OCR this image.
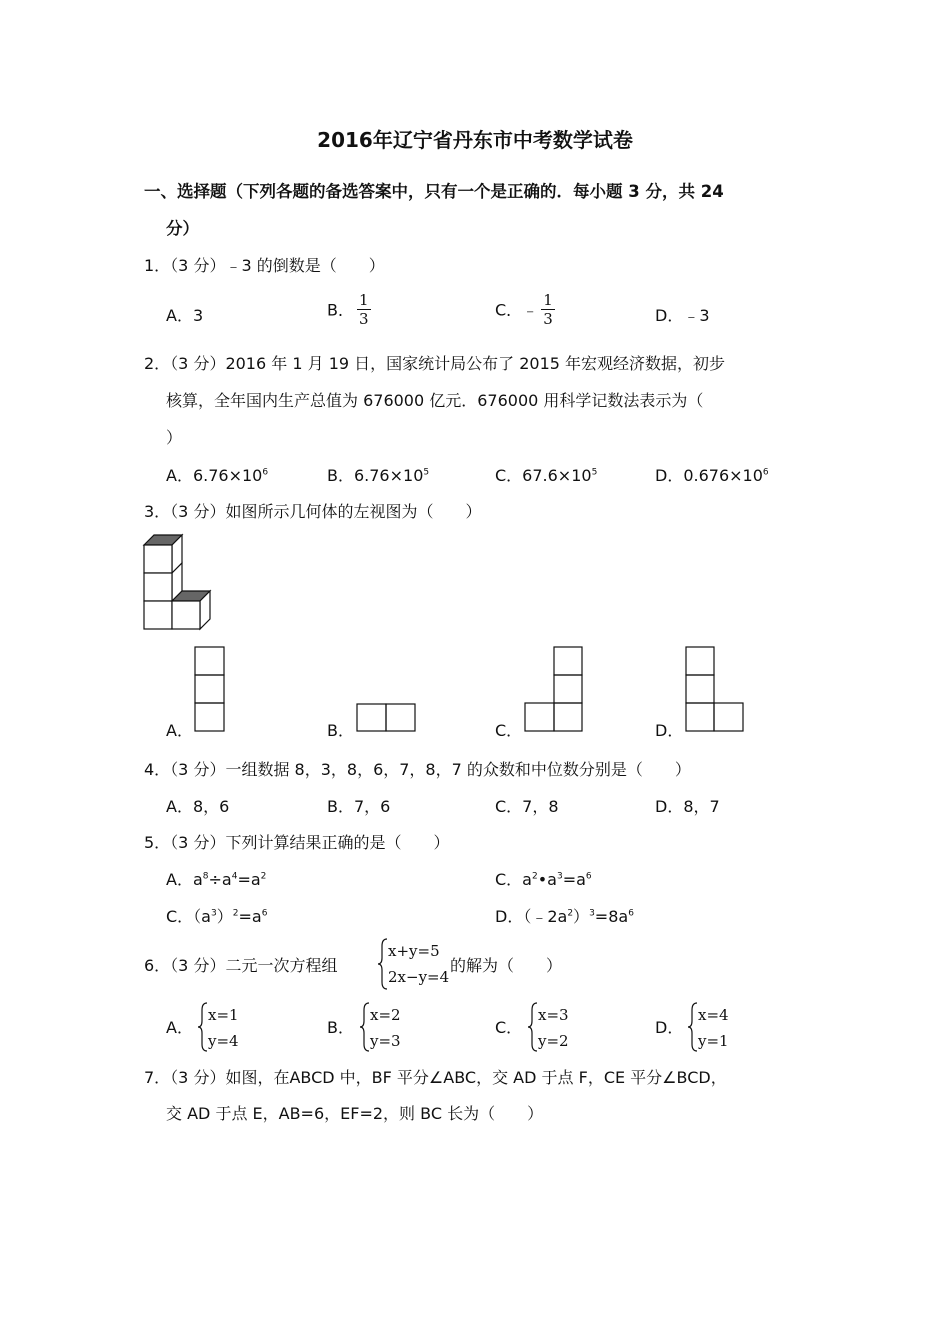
2016年辽宁省丹东市中考数学试卷
一、选择题（下列各题的备选答案中，只有一个是正确的．每小题 3 分，共 24
分）
1．（3 分）﹣3 的倒数是（　　）
A．3	B． $\frac{1}{3}$	C．﹣ $\frac{1}{3}$	D．﹣3
2．（3 分）2016 年 1 月 19 日，国家统计局公布了 2015 年宏观经济数据，初步
核算，全年国内生产总值为 676000 亿元．676000 用科学记数法表示为（
）
A．$6.76\times 10^6$	B．$6.76\times 10^5$	C．$67.6\times 10^5$	D．$0.676\times 10^6$
3．（3 分）如图所示几何体的左视图为（　　）
A．	B．	C．	D．
4．（3 分）一组数据 8，3，8，6，7，8，7 的众数和中位数分别是（　　）
A．8，6	B．7，6	C．7，8	D．8，7
5．（3 分）下列计算结果正确的是（　　）
A．$a^8\div a^4=a^2$	C．$a^2•a^3=a^6$
C．$(a^3)^2=a^6$	D．$(﹣2a^2)^3=8a^6$
6．（3 分）二元一次方程组
x+y=5
2x−y=4
的解为（　　）
A．
x=1
y=4
B．
x=2
y=3
C．
x=3
y=2
D．
x=4
y=1
7．（3 分）如图，在ABCD 中，BF 平分∠ABC，交 AD 于点 F，CE 平分∠BCD，
交 AD 于点 E，AB=6，EF=2，则 BC 长为（　　）
